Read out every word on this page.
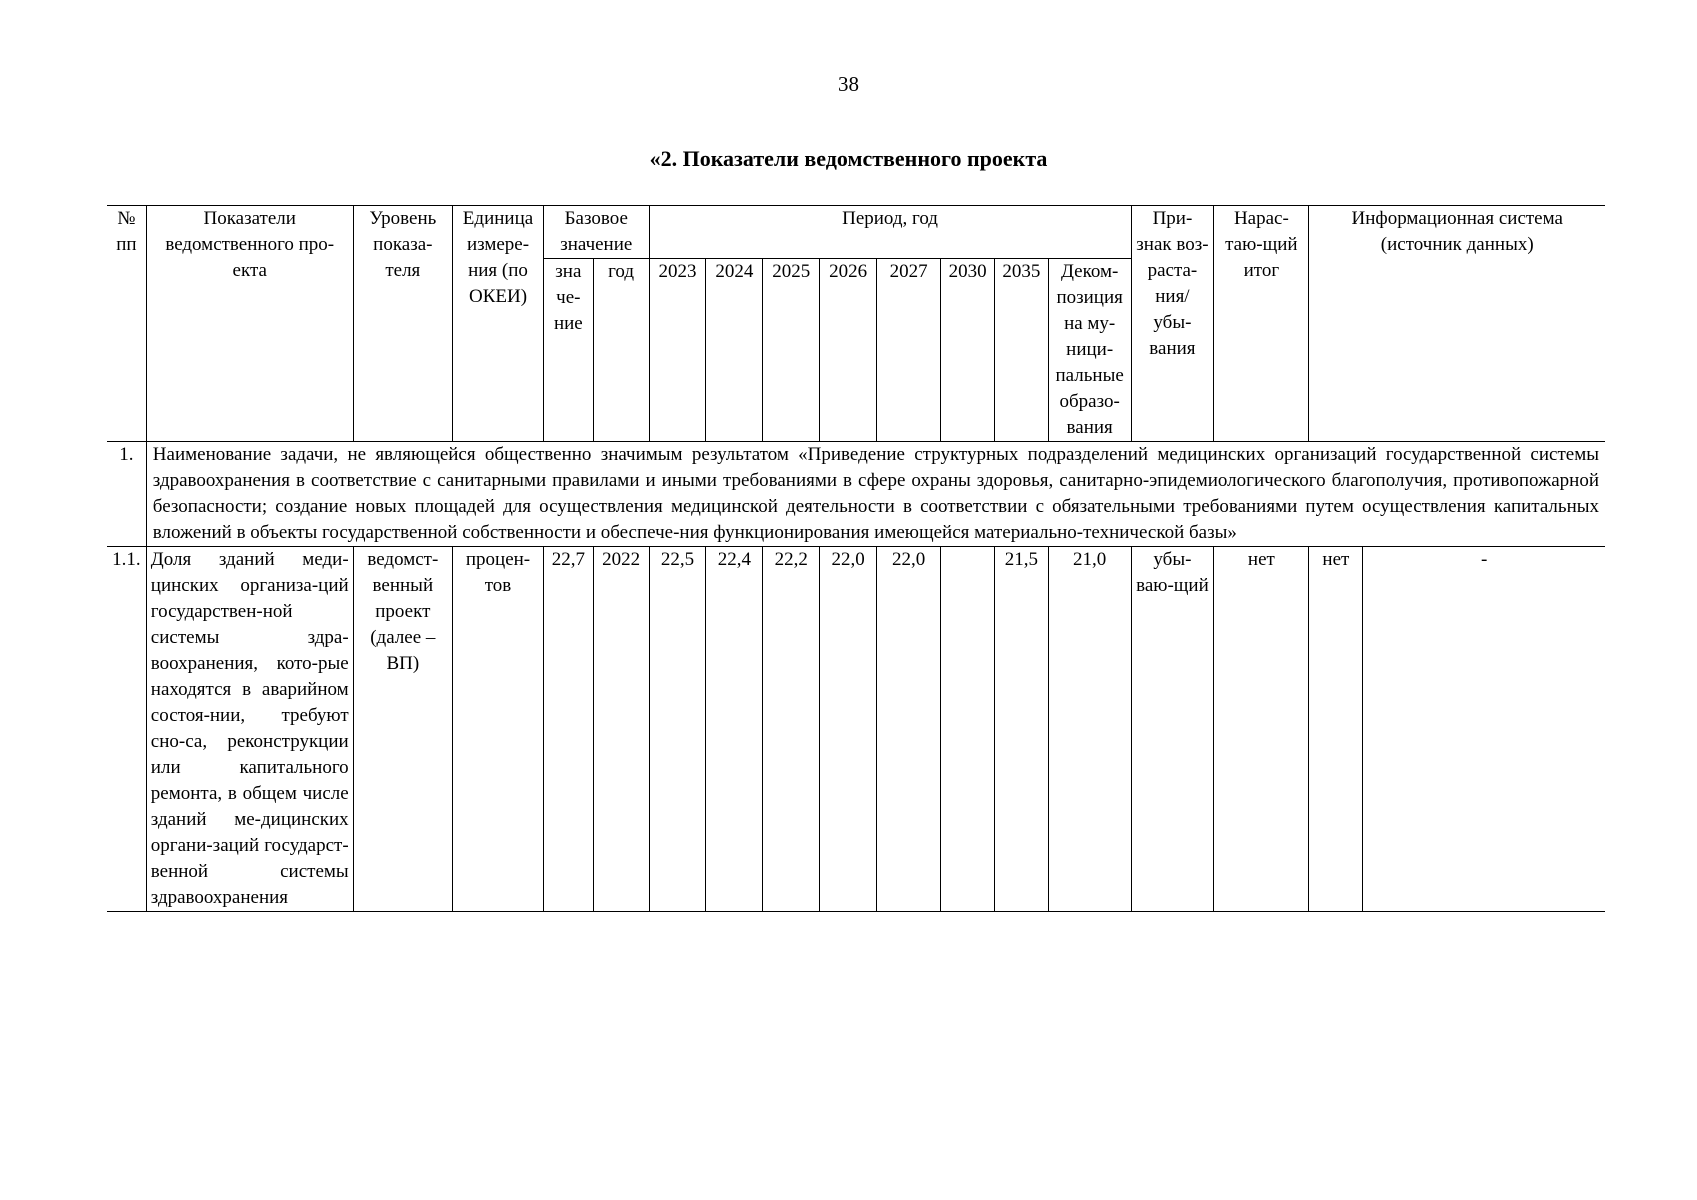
38
«2. Показатели ведомственного проекта
№ пп	Показатели ведомственного про-екта	Уровень показа-теля	Единица измере-ния (по ОКЕИ)	Базовое значение		Период, год								При-знак воз-раста-ния/ убы-вания	Нарас-таю-щий итог	Информационная система (источник данных)	
				зна че-ние	год	2023	2024	2025	2026	2027	2030	2035	Деком-позиция на му-ници-пальные образо-вания				
1.	Наименование задачи, не являющейся общественно значимым результатом «Приведение структурных подразделений медицинских организаций государственной системы здравоохранения в соответствие с санитарными правилами и иными требованиями в сфере охраны здоровья, санитарно-эпидемиологического благополучия, противопожарной безопасности; создание новых площадей для осуществления медицинской деятельности в соответствии с обязательными требованиями путем осуществления капитальных вложений в объекты государственной собственности и обеспече-ния функционирования имеющейся материально-технической базы»																
1.1.	Доля зданий меди-цинских организа-ций государствен-ной системы здра-воохранения, кото-рые находятся в аварийном состоя-нии, требуют сно-са, реконструкции или капитального ремонта, в общем числе зданий ме-дицинских органи-заций государст-венной системы здравоохранения	ведомст-венный проект (далее – ВП)	процен-тов	22,7	2022	22,5	22,4	22,2	22,0	22,0		21,5	21,0	убы-ваю-щий	нет	нет	-
